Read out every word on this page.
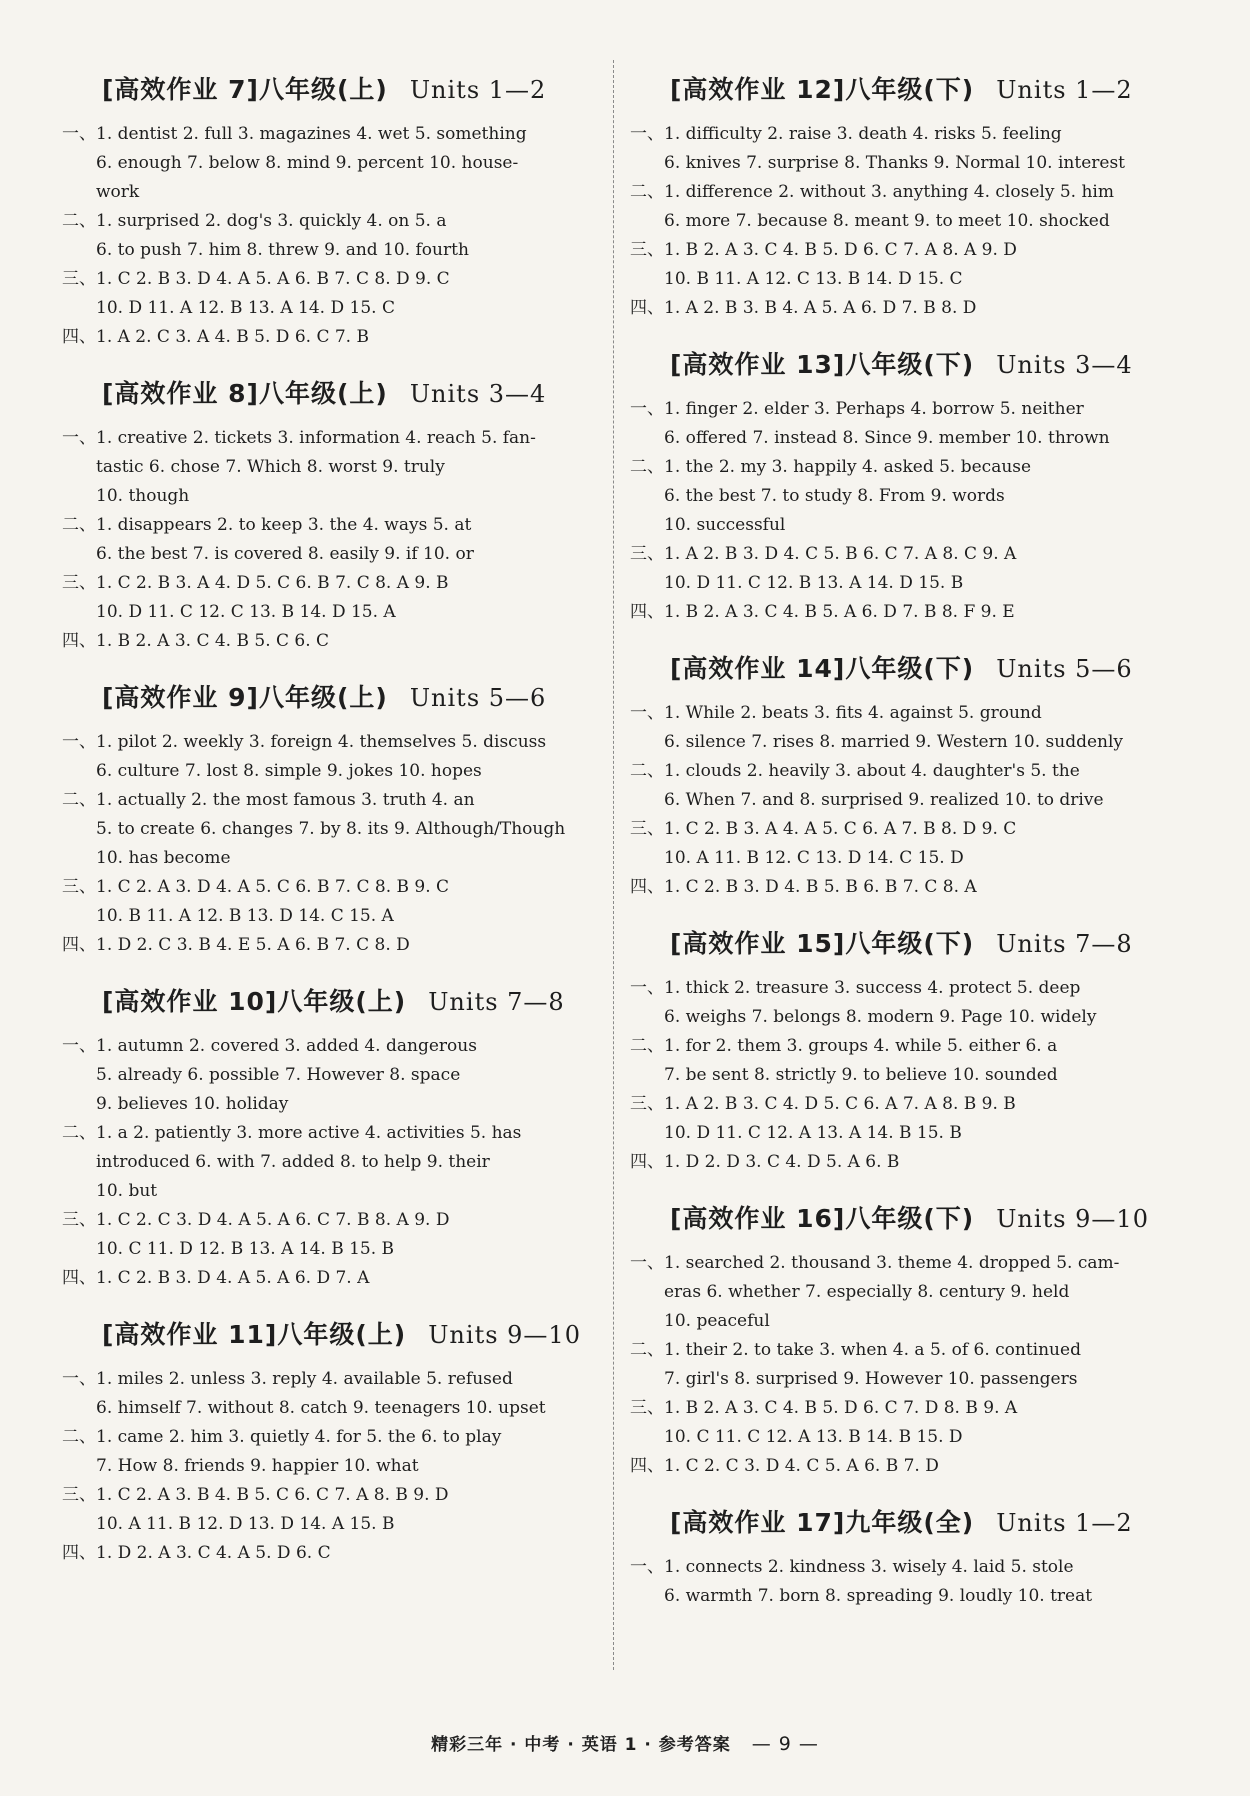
[高效作业 7]八年级(上) Units 1—2
一、1. dentist 2. full 3. magazines 4. wet 5. something
6. enough 7. below 8. mind 9. percent 10. house-
work
二、1. surprised 2. dog's 3. quickly 4. on 5. a
6. to push 7. him 8. threw 9. and 10. fourth
三、1. C 2. B 3. D 4. A 5. A 6. B 7. C 8. D 9. C
10. D 11. A 12. B 13. A 14. D 15. C
四、1. A 2. C 3. A 4. B 5. D 6. C 7. B
[高效作业 8]八年级(上) Units 3—4
一、1. creative 2. tickets 3. information 4. reach 5. fan-
tastic 6. chose 7. Which 8. worst 9. truly
10. though
二、1. disappears 2. to keep 3. the 4. ways 5. at
6. the best 7. is covered 8. easily 9. if 10. or
三、1. C 2. B 3. A 4. D 5. C 6. B 7. C 8. A 9. B
10. D 11. C 12. C 13. B 14. D 15. A
四、1. B 2. A 3. C 4. B 5. C 6. C
[高效作业 9]八年级(上) Units 5—6
一、1. pilot 2. weekly 3. foreign 4. themselves 5. discuss
6. culture 7. lost 8. simple 9. jokes 10. hopes
二、1. actually 2. the most famous 3. truth 4. an
5. to create 6. changes 7. by 8. its 9. Although/Though
10. has become
三、1. C 2. A 3. D 4. A 5. C 6. B 7. C 8. B 9. C
10. B 11. A 12. B 13. D 14. C 15. A
四、1. D 2. C 3. B 4. E 5. A 6. B 7. C 8. D
[高效作业 10]八年级(上) Units 7—8
一、1. autumn 2. covered 3. added 4. dangerous
5. already 6. possible 7. However 8. space
9. believes 10. holiday
二、1. a 2. patiently 3. more active 4. activities 5. has
introduced 6. with 7. added 8. to help 9. their
10. but
三、1. C 2. C 3. D 4. A 5. A 6. C 7. B 8. A 9. D
10. C 11. D 12. B 13. A 14. B 15. B
四、1. C 2. B 3. D 4. A 5. A 6. D 7. A
[高效作业 11]八年级(上) Units 9—10
一、1. miles 2. unless 3. reply 4. available 5. refused
6. himself 7. without 8. catch 9. teenagers 10. upset
二、1. came 2. him 3. quietly 4. for 5. the 6. to play
7. How 8. friends 9. happier 10. what
三、1. C 2. A 3. B 4. B 5. C 6. C 7. A 8. B 9. D
10. A 11. B 12. D 13. D 14. A 15. B
四、1. D 2. A 3. C 4. A 5. D 6. C
[高效作业 12]八年级(下) Units 1—2
一、1. difficulty 2. raise 3. death 4. risks 5. feeling
6. knives 7. surprise 8. Thanks 9. Normal 10. interest
二、1. difference 2. without 3. anything 4. closely 5. him
6. more 7. because 8. meant 9. to meet 10. shocked
三、1. B 2. A 3. C 4. B 5. D 6. C 7. A 8. A 9. D
10. B 11. A 12. C 13. B 14. D 15. C
四、1. A 2. B 3. B 4. A 5. A 6. D 7. B 8. D
[高效作业 13]八年级(下) Units 3—4
一、1. finger 2. elder 3. Perhaps 4. borrow 5. neither
6. offered 7. instead 8. Since 9. member 10. thrown
二、1. the 2. my 3. happily 4. asked 5. because
6. the best 7. to study 8. From 9. words
10. successful
三、1. A 2. B 3. D 4. C 5. B 6. C 7. A 8. C 9. A
10. D 11. C 12. B 13. A 14. D 15. B
四、1. B 2. A 3. C 4. B 5. A 6. D 7. B 8. F 9. E
[高效作业 14]八年级(下) Units 5—6
一、1. While 2. beats 3. fits 4. against 5. ground
6. silence 7. rises 8. married 9. Western 10. suddenly
二、1. clouds 2. heavily 3. about 4. daughter's 5. the
6. When 7. and 8. surprised 9. realized 10. to drive
三、1. C 2. B 3. A 4. A 5. C 6. A 7. B 8. D 9. C
10. A 11. B 12. C 13. D 14. C 15. D
四、1. C 2. B 3. D 4. B 5. B 6. B 7. C 8. A
[高效作业 15]八年级(下) Units 7—8
一、1. thick 2. treasure 3. success 4. protect 5. deep
6. weighs 7. belongs 8. modern 9. Page 10. widely
二、1. for 2. them 3. groups 4. while 5. either 6. a
7. be sent 8. strictly 9. to believe 10. sounded
三、1. A 2. B 3. C 4. D 5. C 6. A 7. A 8. B 9. B
10. D 11. C 12. A 13. A 14. B 15. B
四、1. D 2. D 3. C 4. D 5. A 6. B
[高效作业 16]八年级(下) Units 9—10
一、1. searched 2. thousand 3. theme 4. dropped 5. cam-
eras 6. whether 7. especially 8. century 9. held
10. peaceful
二、1. their 2. to take 3. when 4. a 5. of 6. continued
7. girl's 8. surprised 9. However 10. passengers
三、1. B 2. A 3. C 4. B 5. D 6. C 7. D 8. B 9. A
10. C 11. C 12. A 13. B 14. B 15. D
四、1. C 2. C 3. D 4. C 5. A 6. B 7. D
[高效作业 17]九年级(全) Units 1—2
一、1. connects 2. kindness 3. wisely 4. laid 5. stole
6. warmth 7. born 8. spreading 9. loudly 10. treat
精彩三年 · 中考 · 英语 1 · 参考答案 — 9 —
